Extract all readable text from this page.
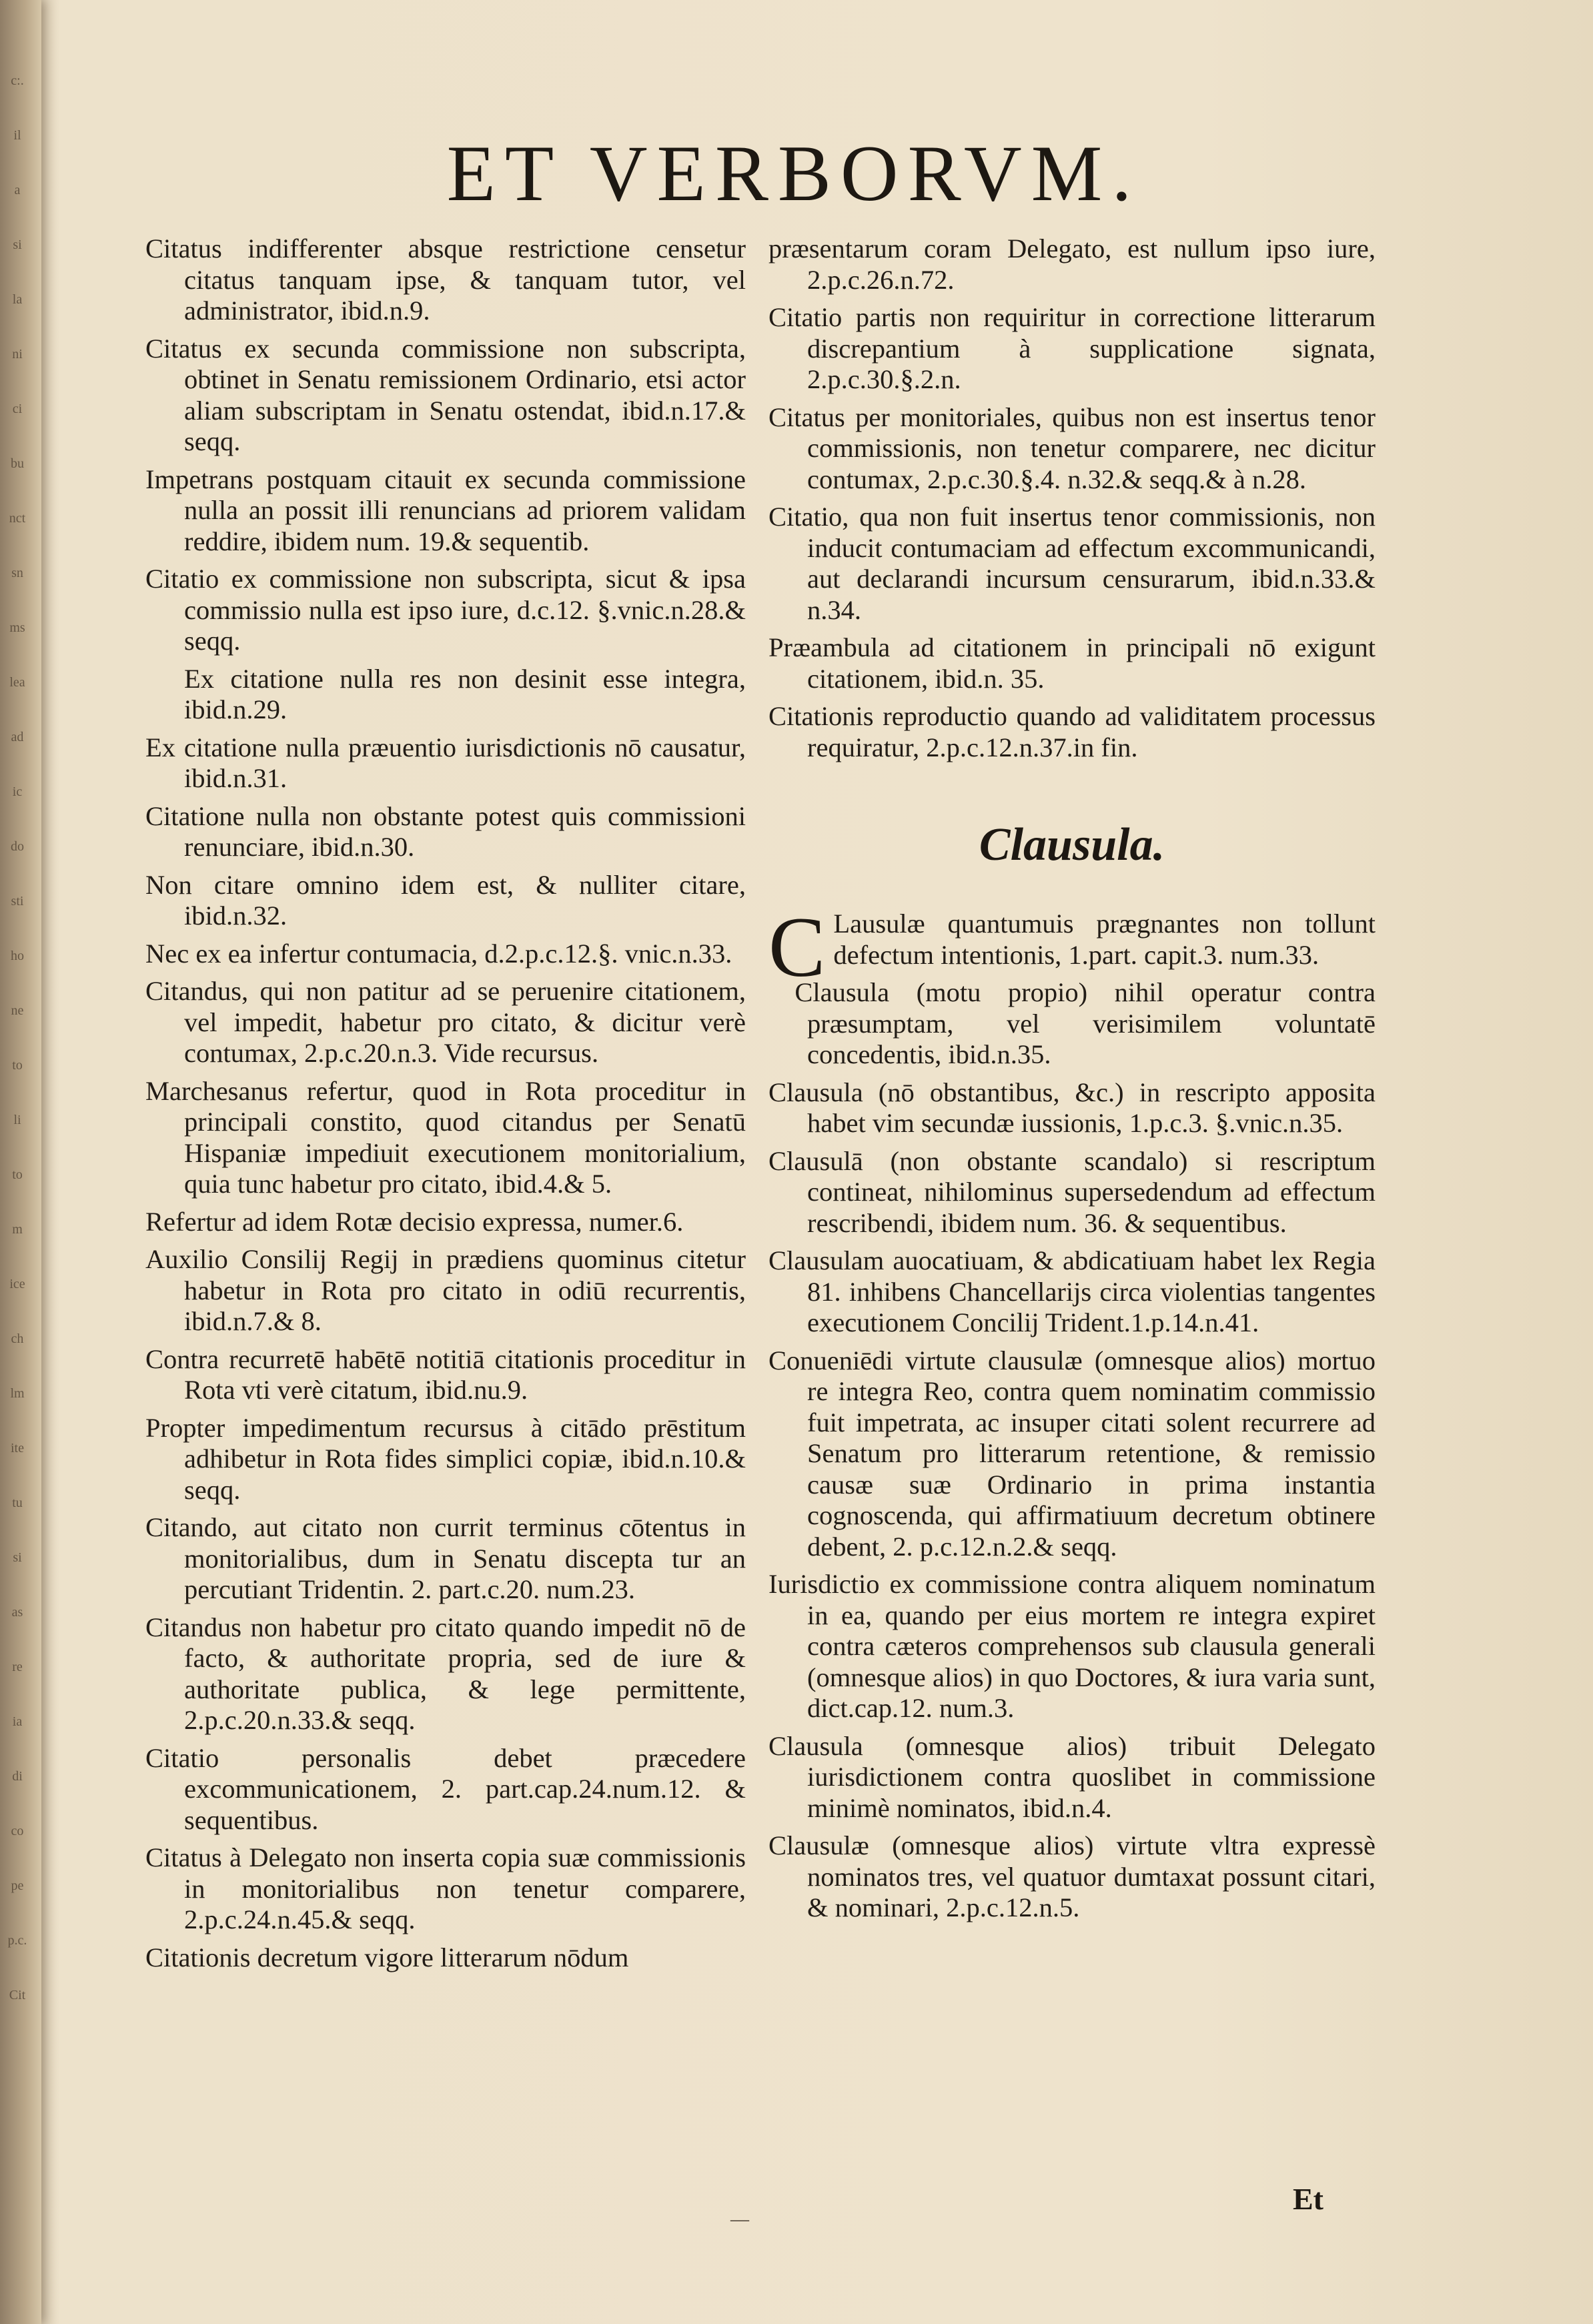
c:.
il
a
si
la
ni
ci
bu
nct
sn
ms
lea
ad
ic
do
sti
ho
ne
to
li
to
m
ice
ch
lm
ite
tu
si
as
re
ia
di
co
pe
p.c.
Cit
ET VERBORVM.

Citatus indifferenter absque restrictione censetur citatus tanquam ipse, & tanquam tutor, vel administrator, ibid.n.9.

Citatus ex secunda commissione non subscripta, obtinet in Senatu remissionem Ordinario, etsi actor aliam subscriptam in Senatu ostendat, ibid.n.17.& seqq.

Impetrans postquam citauit ex secunda commissione nulla an possit illi renuncians ad priorem validam reddire, ibidem num. 19.& sequentib.

Citatio ex commissione non subscripta, sicut & ipsa commissio nulla est ipso iure, d.c.12. §.vnic.n.28.& seqq.

Ex citatione nulla res non desinit esse integra, ibid.n.29.

Ex citatione nulla præuentio iurisdictionis nō causatur, ibid.n.31.

Citatione nulla non obstante potest quis commissioni renunciare, ibid.n.30.

Non citare omnino idem est, & nulliter citare, ibid.n.32.

Nec ex ea infertur contumacia, d.2.p.c.12.§. vnic.n.33.

Citandus, qui non patitur ad se peruenire citationem, vel impedit, habetur pro citato, & dicitur verè contumax, 2.p.c.20.n.3. Vide recursus.

Marchesanus refertur, quod in Rota proceditur in principali constito, quod citandus per Senatū Hispaniæ impediuit executionem monitorialium, quia tunc habetur pro citato, ibid.4.& 5.

Refertur ad idem Rotæ decisio expressa, numer.6.

Auxilio Consilij Regij in prædiens quominus citetur habetur in Rota pro citato in odiū recurrentis, ibid.n.7.& 8.

Contra recurretē habētē notitiā citationis proceditur in Rota vti verè citatum, ibid.nu.9.

Propter impedimentum recursus à citādo prēstitum adhibetur in Rota fides simplici copiæ, ibid.n.10.& seqq.

Citando, aut citato non currit terminus cōtentus in monitorialibus, dum in Senatu discepta tur an percutiant Tridentin. 2. part.c.20. num.23.

Citandus non habetur pro citato quando impedit nō de facto, & authoritate propria, sed de iure & authoritate publica, & lege permittente, 2.p.c.20.n.33.& seqq.

Citatio personalis debet præcedere excommunicationem, 2. part.cap.24.num.12. & sequentibus.

Citatus à Delegato non inserta copia suæ commissionis in monitorialibus non tenetur comparere, 2.p.c.24.n.45.& seqq.

Citationis decretum vigore litterarum nōdum

præsentarum coram Delegato, est nullum ipso iure, 2.p.c.26.n.72.

Citatio partis non requiritur in correctione litterarum discrepantium à supplicatione signata, 2.p.c.30.§.2.n.

Citatus per monitoriales, quibus non est insertus tenor commissionis, non tenetur comparere, nec dicitur contumax, 2.p.c.30.§.4. n.32.& seqq.& à n.28.

Citatio, qua non fuit insertus tenor commissionis, non inducit contumaciam ad effectum excommunicandi, aut declarandi incursum censurarum, ibid.n.33.& n.34.

Præambula ad citationem in principali nō exigunt citationem, ibid.n. 35.

Citationis reproductio quando ad validitatem processus requiratur, 2.p.c.12.n.37.in fin.

Clausula.

C Lausulæ quantumuis prægnantes non tollunt defectum intentionis, 1.part. capit.3. num.33.

Clausula (motu propio) nihil operatur contra præsumptam, vel verisimilem voluntatē concedentis, ibid.n.35.

Clausula (nō obstantibus, &c.) in rescripto apposita habet vim secundæ iussionis, 1.p.c.3. §.vnic.n.35.

Clausulā (non obstante scandalo) si rescriptum contineat, nihilominus supersedendum ad effectum rescribendi, ibidem num. 36. & sequentibus.

Clausulam auocatiuam, & abdicatiuam habet lex Regia 81. inhibens Chancellarijs circa violentias tangentes executionem Concilij Trident.1.p.14.n.41.

Conueniēdi virtute clausulæ (omnesque alios) mortuo re integra Reo, contra quem nominatim commissio fuit impetrata, ac insuper citati solent recurrere ad Senatum pro litterarum retentione, & remissio causæ suæ Ordinario in prima instantia cognoscenda, qui affirmatiuum decretum obtinere debent, 2. p.c.12.n.2.& seqq.

Iurisdictio ex commissione contra aliquem nominatum in ea, quando per eius mortem re integra expiret contra cæteros comprehensos sub clausula generali (omnesque alios) in quo Doctores, & iura varia sunt, dict.cap.12. num.3.

Clausula (omnesque alios) tribuit Delegato iurisdictionem contra quoslibet in commissione minimè nominatos, ibid.n.4.

Clausulæ (omnesque alios) virtute vltra expressè nominatos tres, vel quatuor dumtaxat possunt citari, & nominari, 2.p.c.12.n.5.

—
Et
